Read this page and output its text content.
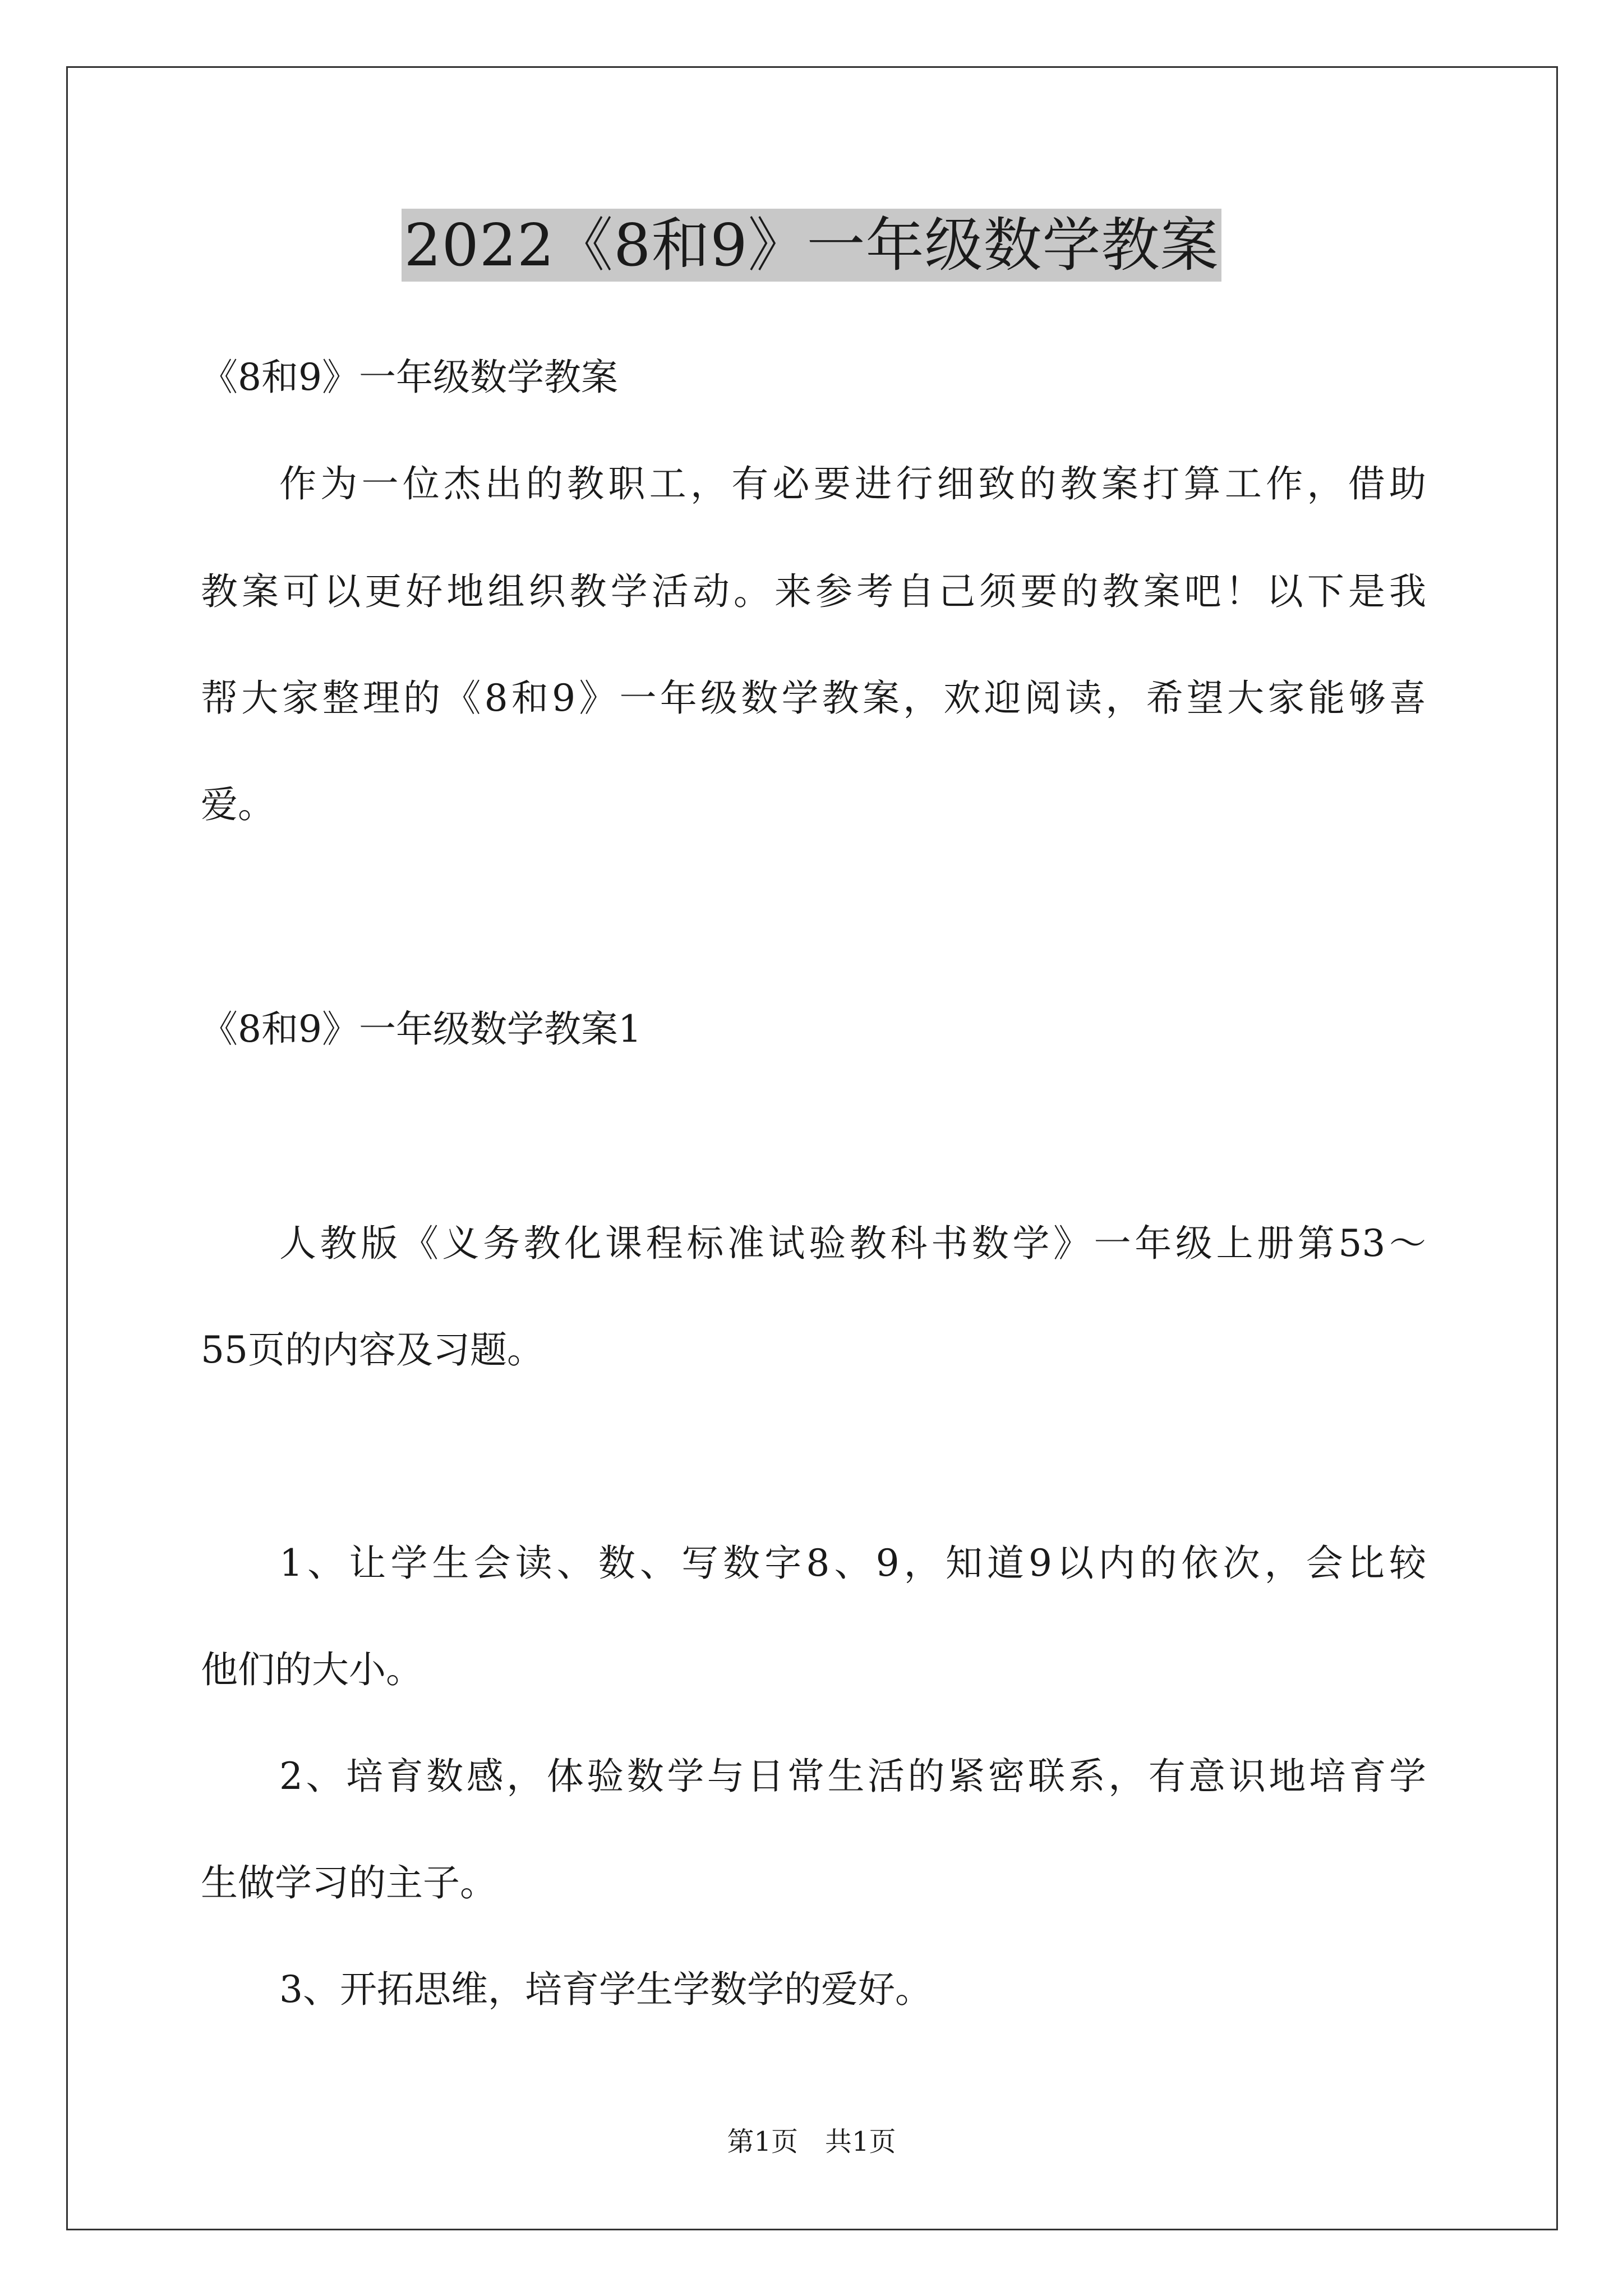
2022《8和9》一年级数学教案
《8和9》一年级数学教案
作为一位杰出的教职工，有必要进行细致的教案打算工作，借助
教案可以更好地组织教学活动。来参考自己须要的教案吧！以下是我
帮大家整理的《8和9》一年级数学教案，欢迎阅读，希望大家能够喜
爱。
《8和9》一年级数学教案1
人教版《义务教化课程标准试验教科书数学》一年级上册第53～
55页的内容及习题。
1、让学生会读、数、写数字8、9，知道9以内的依次，会比较
他们的大小。
2、培育数感，体验数学与日常生活的紧密联系，有意识地培育学
生做学习的主子。
3、开拓思维，培育学生学数学的爱好。
第1页　共1页
